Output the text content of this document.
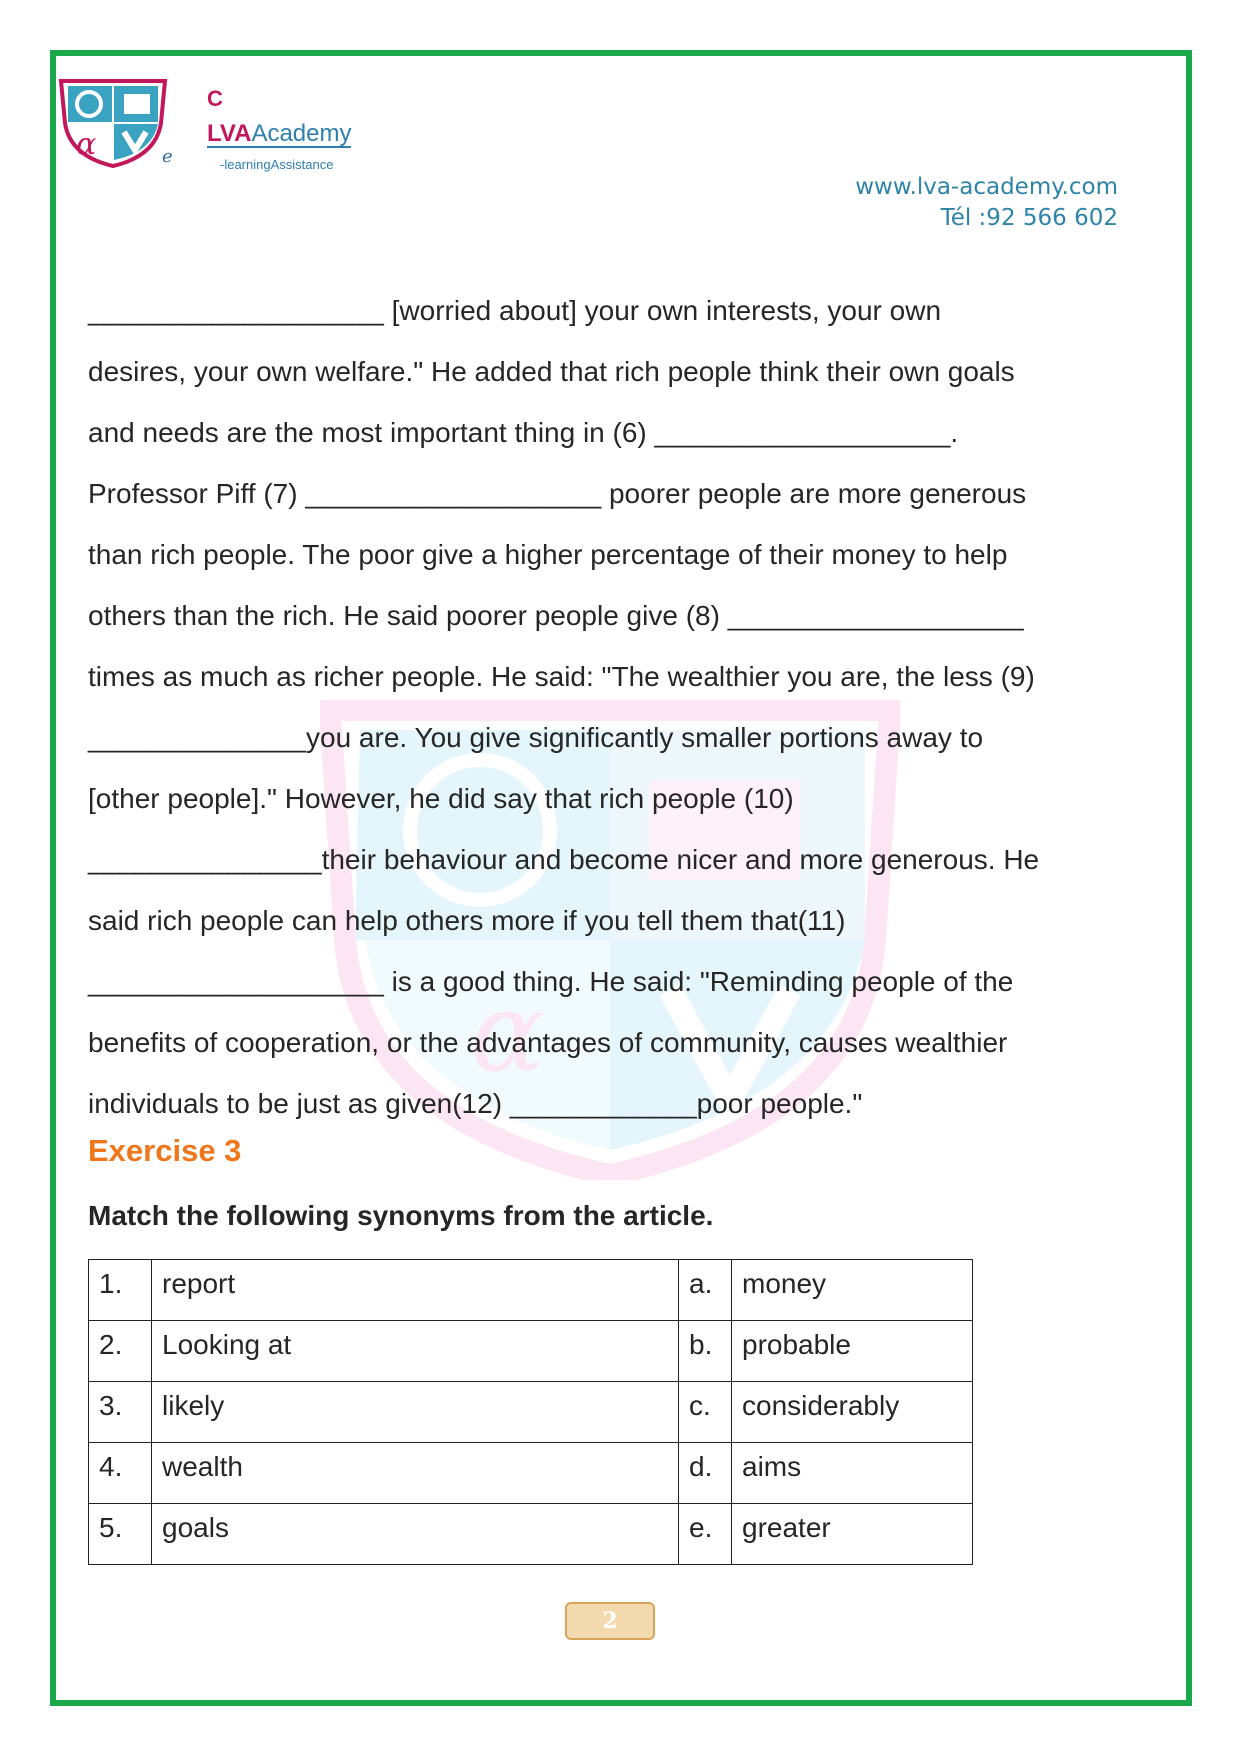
α
α
C
LVAAcademy
e	-learningAssistance
www.lva-academy.com
Tél :92 566 602
___________________ [worried about] your own interests, your own
desires, your own welfare." He added that rich people think their own goals
and needs are the most important thing in (6) ___________________.
Professor Piff (7) ___________________ poorer people are more generous
than rich people. The poor give a higher percentage of their money to help
others than the rich. He said poorer people give (8) ___________________
times as much as richer people. He said: "The wealthier you are, the less (9)
______________you are. You give significantly smaller portions away to
[other people]." However, he did say that rich people (10)
_______________their behaviour and become nicer and more generous. He
said rich people can help others more if you tell them that(11)
___________________ is a good thing. He said: "Reminding people of the
benefits of cooperation, or the advantages of community, causes wealthier
individuals to be just as given(12) ____________poor people."
Exercise 3
Match the following synonyms from the article.
1.	report	a.	money
2.	Looking at	b.	probable
3.	likely	c.	considerably
4.	wealth	d.	aims
5.	goals	e.	greater
2
